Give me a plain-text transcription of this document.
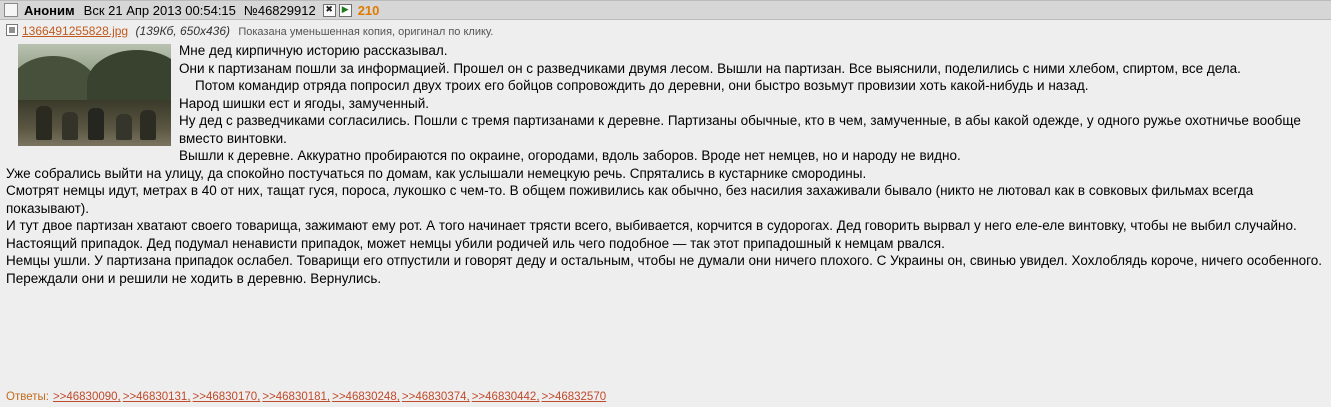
Аноним Вск 21 Апр 2013 00:54:15 №46829912	✖ ▶ 210
1366491255828.jpg (139Кб, 650x436) Показана уменьшенная копия, оригинал по клику.

Мне дед кирпичную историю рассказывал.

Они к партизанам пошли за информацией. Прошел он с разведчиками двумя лесом. Вышли на партизан. Все выяснили, поделились с ними хлебом, спиртом, все дела.

Потом командир отряда попросил двух троих его бойцов сопровождить до деревни, они быстро возьмут провизии хоть какой-нибудь и назад.

Народ шишки ест и ягоды, замученный.

Ну дед с разведчиками согласились. Пошли с тремя партизанами к деревне. Партизаны обычные, кто в чем, замученные, в абы какой одежде, у одного ружье охотничье вообще вместо винтовки.

Вышли к деревне. Аккуратно пробираются по окраине, огородами, вдоль заборов. Вроде нет немцев, но и народу не видно.

Уже собрались выйти на улицу, да спокойно постучаться по домам, как услышали немецкую речь. Спрятались в кустарнике смородины.

Смотрят немцы идут, метрах в 40 от них, тащат гуся, пороса, лукошко с чем-то. В общем поживились как обычно, без насилия захаживали бывало (никто не лютовал как в совковых фильмах всегда показывают).

И тут двое партизан хватают своего товарища, зажимают ему рот. А того начинает трясти всего, выбивается, корчится в судорогах. Дед говорить вырвал у него еле-еле винтовку, чтобы не выбил случайно. Настоящий припадок. Дед подумал ненависти припадок, может немцы убили родичей иль чего подобное — так этот припадошный к немцам рвался.

Немцы ушли. У партизана припадок ослабел. Товарищи его отпустили и говорят деду и остальным, чтобы не думали они ничего плохого. С Украины он, свинью увидел. Хохлоблядь короче, ничего особенного. Переждали они и решили не ходить в деревню. Вернулись.

Ответы: >>46830090, >>46830131, >>46830170, >>46830181, >>46830248, >>46830374, >>46830442, >>46832570
